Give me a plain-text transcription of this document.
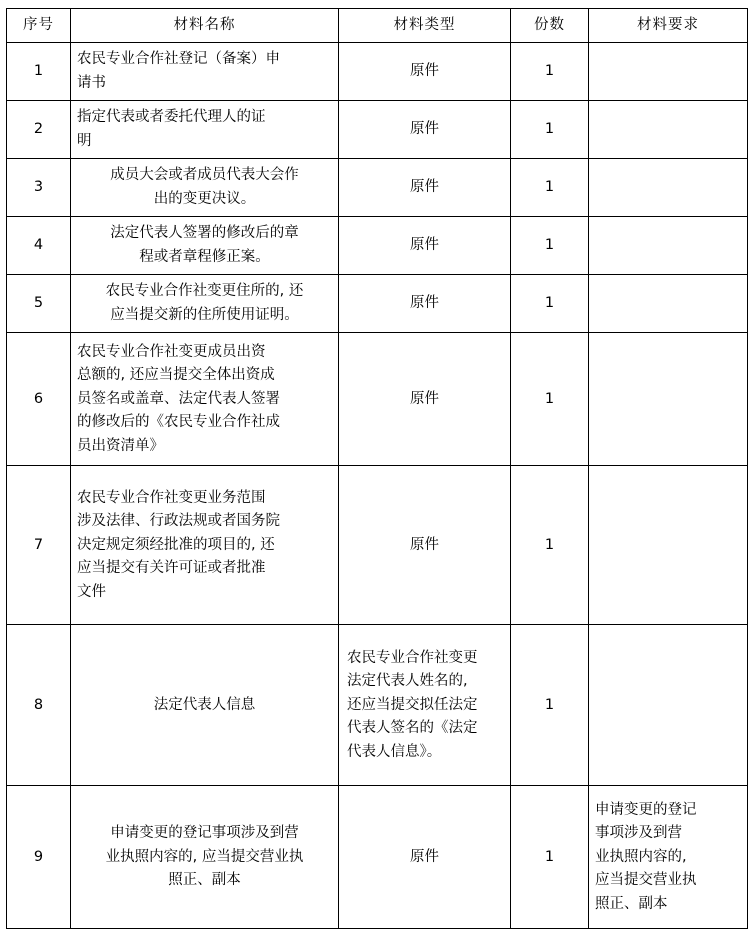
序号	材料名称	材料类型	份数	材料要求
1	农民专业合作社登记（备案）申
请书	原件	1	
2	指定代表或者委托代理人的证
明	原件	1	
3	成员大会或者成员代表大会作
出的变更决议。	原件	1	
4	法定代表人签署的修改后的章
程或者章程修正案。	原件	1	
5	农民专业合作社变更住所的, 还
应当提交新的住所使用证明。	原件	1	
6	农民专业合作社变更成员出资
总额的, 还应当提交全体出资成
员签名或盖章、法定代表人签署
的修改后的《农民专业合作社成
员出资清单》	原件	1	
7	农民专业合作社变更业务范围
涉及法律、行政法规或者国务院
决定规定须经批准的项目的, 还
应当提交有关许可证或者批准
文件	原件	1	
8	法定代表人信息	农民专业合作社变更
法定代表人姓名的,
还应当提交拟任法定
代表人签名的《法定
代表人信息》。	1	
9	申请变更的登记事项涉及到营
业执照内容的, 应当提交营业执
照正、副本	原件	1	申请变更的登记
事项涉及到营
业执照内容的,
应当提交营业执
照正、副本
